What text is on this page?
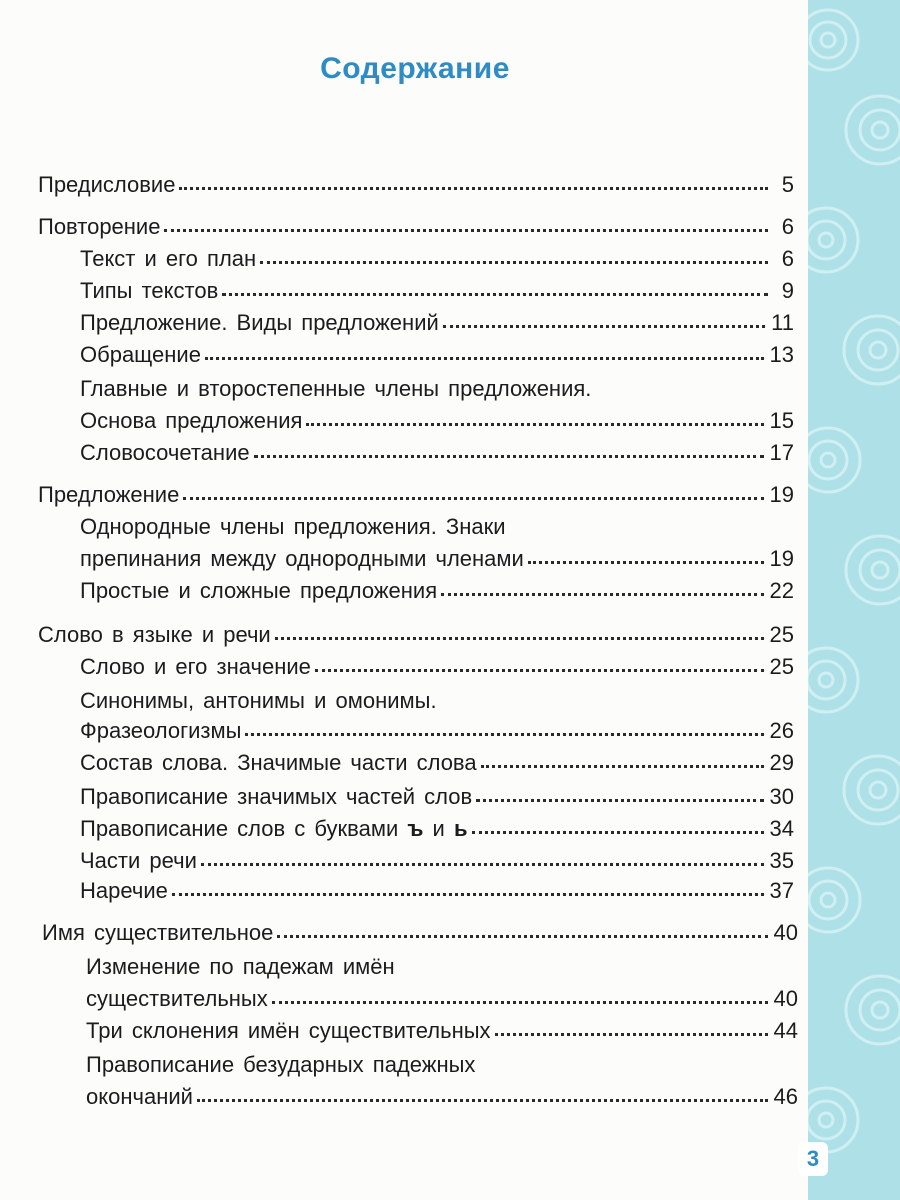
Содержание
Предисловие	5
Повторение	6
Текст и его план	6
Типы текстов	9
Предложение. Виды предложений	11
Обращение	13
Главные и второстепенные члены предложения.
Основа предложения	15
Словосочетание	17
Предложение	19
Однородные члены предложения. Знаки
препинания между однородными членами	19
Простые и сложные предложения	22
Слово в языке и речи	25
Слово и его значение	25
Синонимы, антонимы и омонимы.
Фразеологизмы	26
Состав слова. Значимые части слова	29
Правописание значимых частей слов	30
Правописание слов с буквами ъ и ь	34
Части речи	35
Наречие	37
Имя существительное	40
Изменение по падежам имён
существительных	40
Три склонения имён существительных	44
Правописание безударных падежных
окончаний	46
3
